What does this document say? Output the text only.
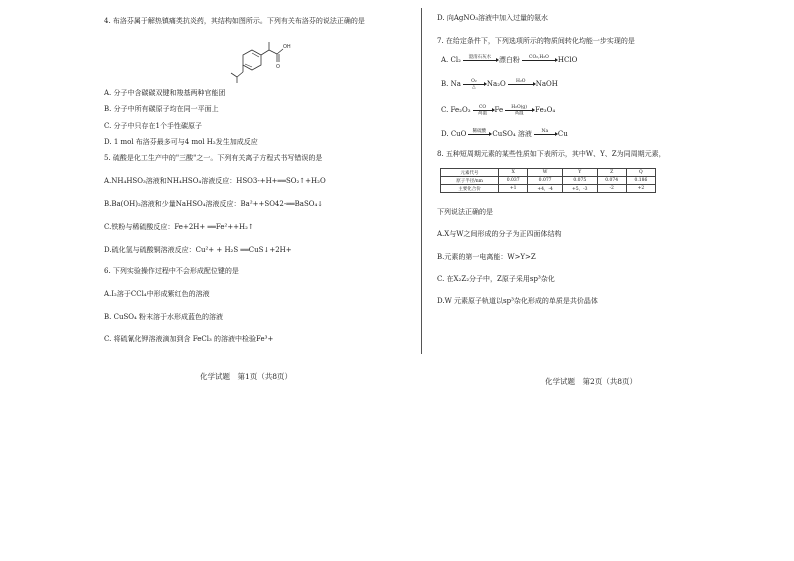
4. 布洛芬属于解热镇痛类抗炎药，其结构如图所示。下列有关布洛芬的说法正确的是
OH
O
A. 分子中含碳碳双键和羧基两种官能团
B. 分子中所有碳原子均在同一平面上
C. 分子中只存在1个手性碳原子
D. 1 mol 布洛芬最多可与4 mol H₂发生加成反应
5. 硫酸是化工生产中的"三酸"之一。下列有关离子方程式书写错误的是
A.NH₄HSO₃溶液和NH₄HSO₄溶液反应：HSO3-+H+══SO₂↑+H₂O
B.Ba(OH)₂溶液和少量NaHSO₄溶液反应：Ba²++SO42-══BaSO₄↓
C.铁粉与稀硫酸反应：Fe+2H+ ══Fe²++H₂↑
D.硫化氢与硫酸铜溶液反应：Cu²+ + H₂S ══CuS↓+2H+
6. 下列实验操作过程中不会形成配位键的是
A.I₂溶于CCl₄中形成紫红色的溶液
B. CuSO₄ 粉末溶于水形成蓝色的溶液
C. 将硫氰化钾溶液滴加到含 FeCl₃ 的溶液中检验Fe³+
化学试题　第1页（共8页）
D. 向AgNO₃溶液中加入过量的氨水
7. 在给定条件下，下列选项所示的物质间转化均能一步实现的是
A. Cl₂ 澄清石灰水 漂白粉 CO₂,H₂O HClO
B. Na O₂
△ Na₂O H₂O NaOH
C. Fe₂O₃ CO
高温 Fe H₂O(g)
高温 Fe₃O₄
D. CuO 稀硫酸 CuSO₄ 溶液 Na Cu
8. 五种短周期元素的某些性质如下表所示，其中W、Y、Z为同周期元素，
元素代号	X	W	Y	Z	Q
原子半径/nm	0.037	0.077	0.075	0.074	0.186
主要化合价	+1	+4，-4	+5，-3	-2	+2
下列说法正确的是
A.X与W之间形成的分子为正四面体结构
B.元素的第一电离能：W>Y>Z
C. 在X₂Z₂分子中，Z原子采用sp³杂化
D.W 元素原子轨道以sp³杂化形成的单质是共价晶体
化学试题　第2页（共8页）
